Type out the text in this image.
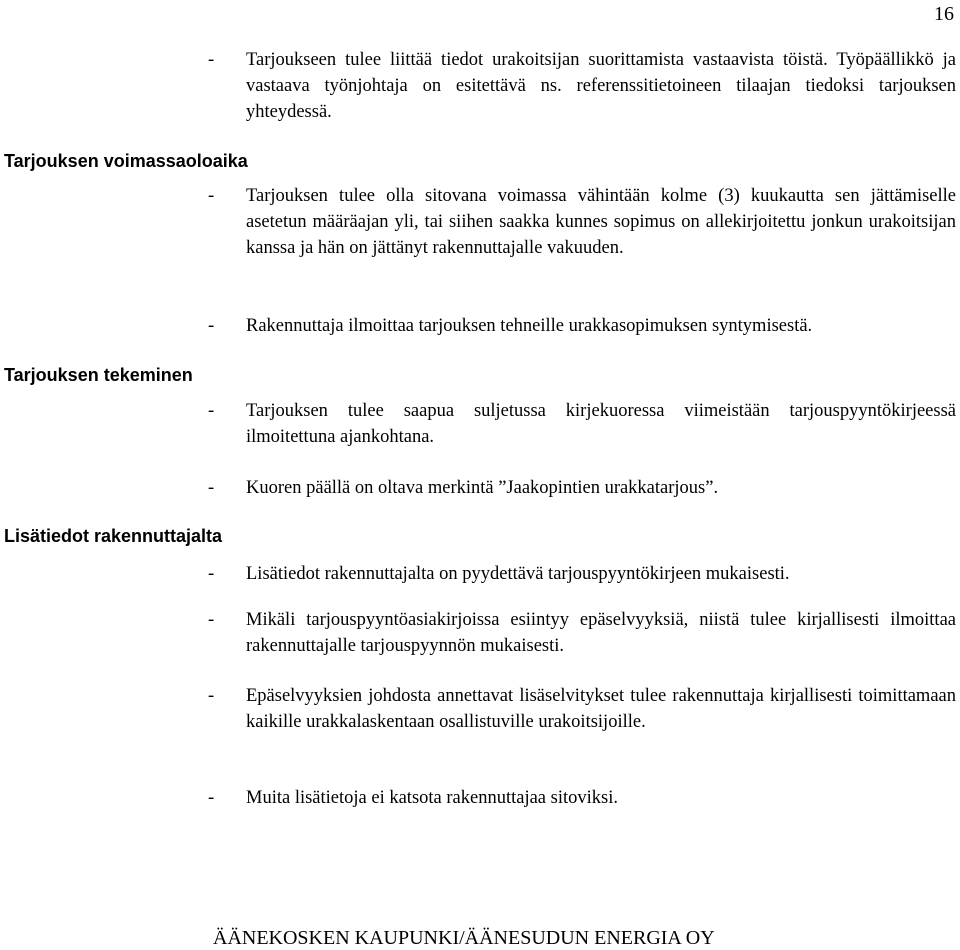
16
- Tarjoukseen tulee liittää tiedot urakoitsijan suorittamista vastaavista töistä. Työpäällikkö ja vastaava työnjohtaja on esitettävä ns. referenssitietoineen tilaajan tiedoksi tarjouksen yhteydessä.
Tarjouksen voimassaoloaika
- Tarjouksen tulee olla sitovana voimassa vähintään kolme (3) kuukautta sen jättämiselle asetetun määräajan yli, tai siihen saakka kunnes sopimus on allekirjoitettu jonkun urakoitsijan kanssa ja hän on jättänyt rakennuttajalle vakuuden.
- Rakennuttaja ilmoittaa tarjouksen tehneille urakkasopimuksen syntymisestä.
Tarjouksen tekeminen
- Tarjouksen tulee saapua suljetussa kirjekuoressa viimeistään tarjouspyyntökirjeessä ilmoitettuna ajankohtana.
- Kuoren päällä on oltava merkintä ”Jaakopintien urakkatarjous”.
Lisätiedot rakennuttajalta
- Lisätiedot rakennuttajalta on pyydettävä tarjouspyyntökirjeen mukaisesti.
- Mikäli tarjouspyyntöasiakirjoissa esiintyy epäselvyyksiä, niistä tulee kirjallisesti ilmoittaa rakennuttajalle tarjouspyynnön mukaisesti.
- Epäselvyyksien johdosta annettavat lisäselvitykset tulee rakennuttaja kirjallisesti toimittamaan kaikille urakkalaskentaan osallistuville urakoitsijoille.
- Muita lisätietoja ei katsota rakennuttajaa sitoviksi.
ÄÄNEKOSKEN KAUPUNKI/ÄÄNESUDUN ENERGIA OY
